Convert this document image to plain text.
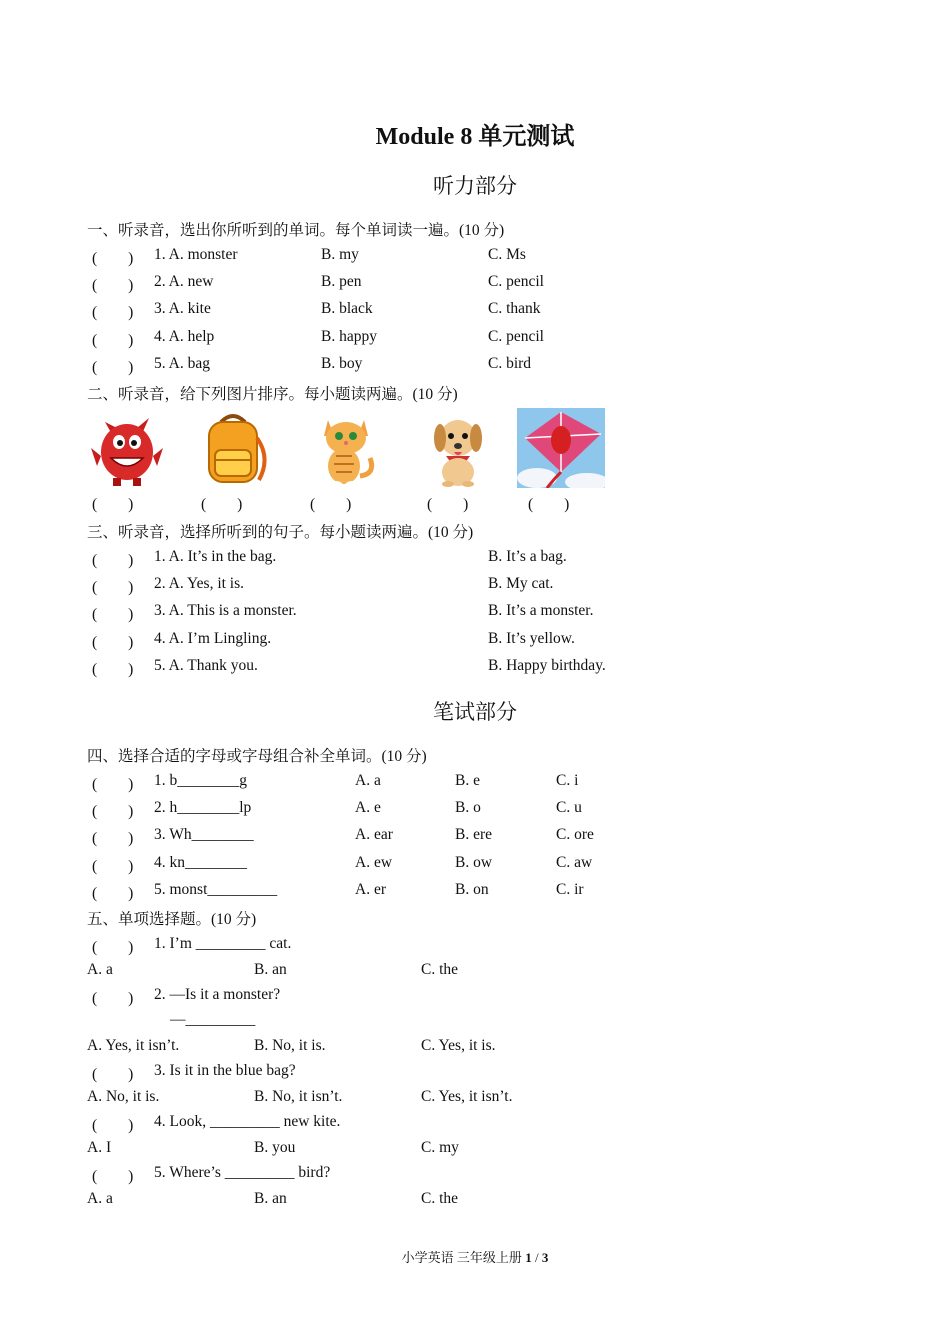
Module 8 单元测试
听力部分
一、听录音，选出你所听到的单词。每个单词读一遍。(10 分)
(　　) 1. A. monster	B. my	C. Ms
(　　) 2. A. new	B. pen	C. pencil
(　　) 3. A. kite	B. black	C. thank
(　　) 4. A. help	B. happy	C. pencil
(　　) 5. A. bag	B. boy	C. bird
二、听录音，给下列图片排序。每小题读两遍。(10 分)
(　　)	(　　)	(　　)	(　　)	(　　)
三、听录音，选择所听到的句子。每小题读两遍。(10 分)
(　　) 1. A. It’s in the bag.	B. It’s a bag.
(　　) 2. A. Yes, it is.	B. My cat.
(　　) 3. A. This is a monster.	B. It’s a monster.
(　　) 4. A. I’m Lingling.	B. It’s yellow.
(　　) 5. A. Thank you.	B. Happy birthday.
笔试部分
四、选择合适的字母或字母组合补全单词。(10 分)
(　　) 1. b________g	A. a	B. e	C. i
(　　) 2. h________lp	A. e	B. o	C. u
(　　) 3. Wh________	A. ear	B. ere	C. ore
(　　) 4. kn________	A. ew	B. ow	C. aw
(　　) 5. monst_________	A. er	B. on	C. ir
五、单项选择题。(10 分)
(　　) 1. I’m _________ cat.
A. a	B. an	C. the
(　　) 2. —Is it a monster?
—_________
A. Yes, it isn’t.	B. No, it is.	C. Yes, it is.
(　　) 3. Is it in the blue bag?
A. No, it is.	B. No, it isn’t.	C. Yes, it isn’t.
(　　) 4. Look, _________ new kite.
A. I	B. you	C. my
(　　) 5. Where’s _________ bird?
A. a	B. an	C. the
小学英语 三年级上册 1 / 3
